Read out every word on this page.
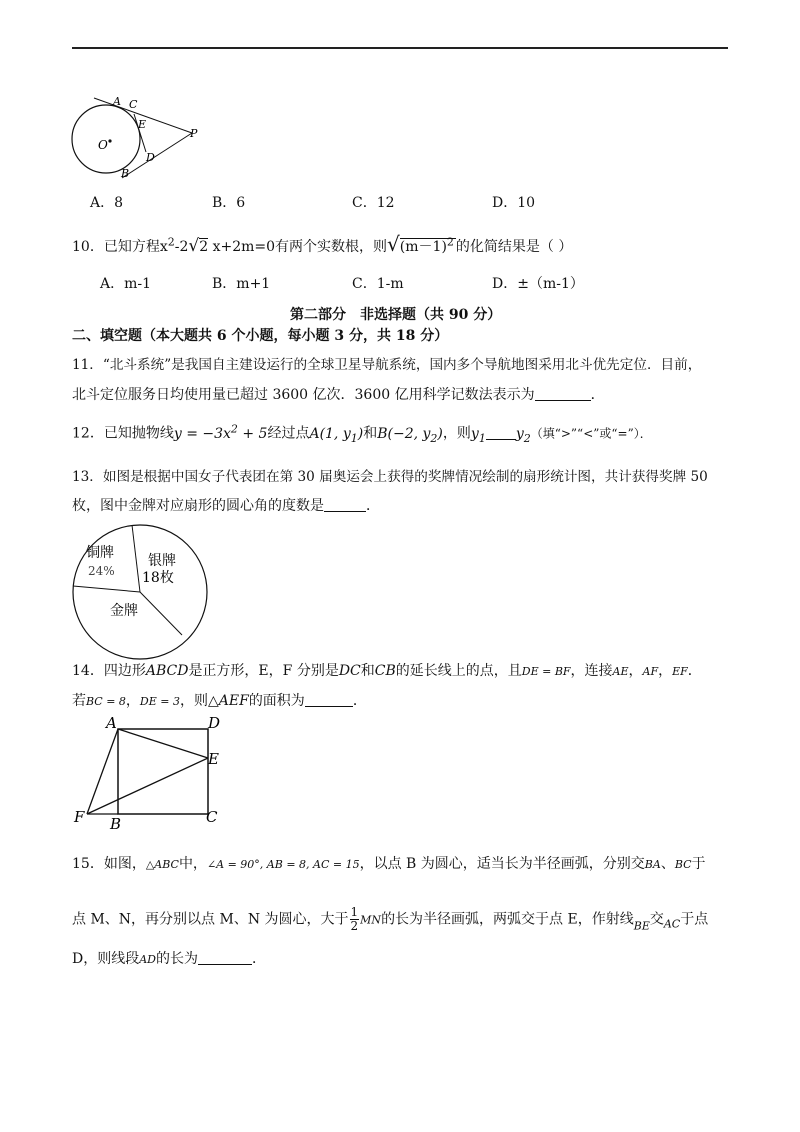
A C
E
P
O
D
B
A．8	B．6	C．12	D．10
10．已知方程$x^2-2√2$ x+2m=0有两个实数根，则$√(m-1)^2$ 的化简结果是（ ）
A．m-1	B．m+1	C．1-m	D．±（m-1）
第二部分　非选择题（共 90 分）
二、填空题（本大题共 6 个小题，每小题 3 分，共 18 分）
11．“北斗系统”是我国自主建设运行的全球卫星导航系统，国内多个导航地图采用北斗优先定位．目前，
北斗定位服务日均使用量已超过 3600 亿次．3600 亿用科学记数法表示为	．
12．已知抛物线$y = -3x^2 + 5$经过点A(1, $y_1$)和B(−2, $y_2$)，则$y_1$ $y_2$（填“>”“<”或“=”）．
13．如图是根据中国女子代表团在第 30 届奥运会上获得的奖牌情况绘制的扇形统计图，共计获得奖牌 50
枚，图中金牌对应扇形的圆心角的度数是	．
铜牌
24%
银牌
18枚
金牌
14．四边形ABCD是正方形，E，F 分别是DC和CB的延长线上的点，且DE = BF，连接AE，AF，EF．
若BC = 8，DE = 3，则△AEF的面积为	．
A	D
E
F B	C
15．如图，△ABC中，∠A = 90°, AB = 8, AC = 15，以点 B 为圆心，适当长为半径画弧，分别交BA、BC于
点 M、N，再分别以点 M、N 为圆心，大于 $\frac{1}{2}$ MN的长为半径画弧，两弧交于点 E，作射线$_{BE}$交$_{AC}$于点
D，则线段AD的长为	．
